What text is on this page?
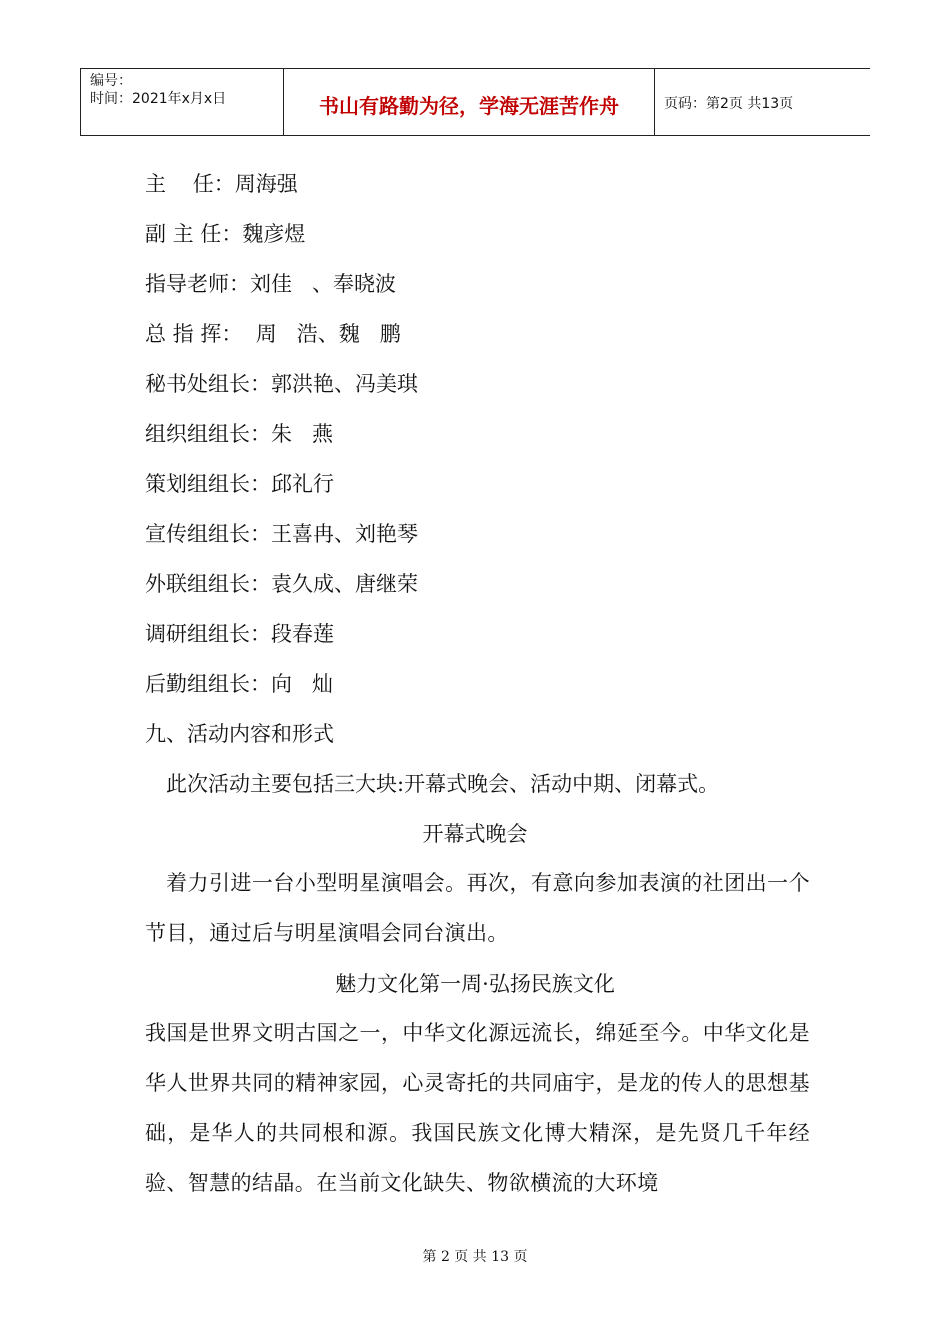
编号：
时间：2021年x月x日	书山有路勤为径，学海无涯苦作舟	页码：第2页 共13页
主    任：周海强
副 主 任：魏彦煜
指导老师：刘佳   、奉晓波
总 指 挥：  周   浩、魏   鹏
秘书处组长：郭洪艳、冯美琪
组织组组长：朱   燕
策划组组长：邱礼行
宣传组组长：王喜冉、刘艳琴
外联组组长：袁久成、唐继荣
调研组组长：段春莲
后勤组组长：向   灿
九、活动内容和形式
此次活动主要包括三大块:开幕式晚会、活动中期、闭幕式。
开幕式晚会
着力引进一台小型明星演唱会。再次，有意向参加表演的社团出一个节目，通过后与明星演唱会同台演出。
魅力文化第一周·弘扬民族文化
我国是世界文明古国之一，中华文化源远流长，绵延至今。中华文化是华人世界共同的精神家园，心灵寄托的共同庙宇，是龙的传人的思想基础，是华人的共同根和源。我国民族文化博大精深，是先贤几千年经验、智慧的结晶。在当前文化缺失、物欲横流的大环境
第 2 页 共 13 页
